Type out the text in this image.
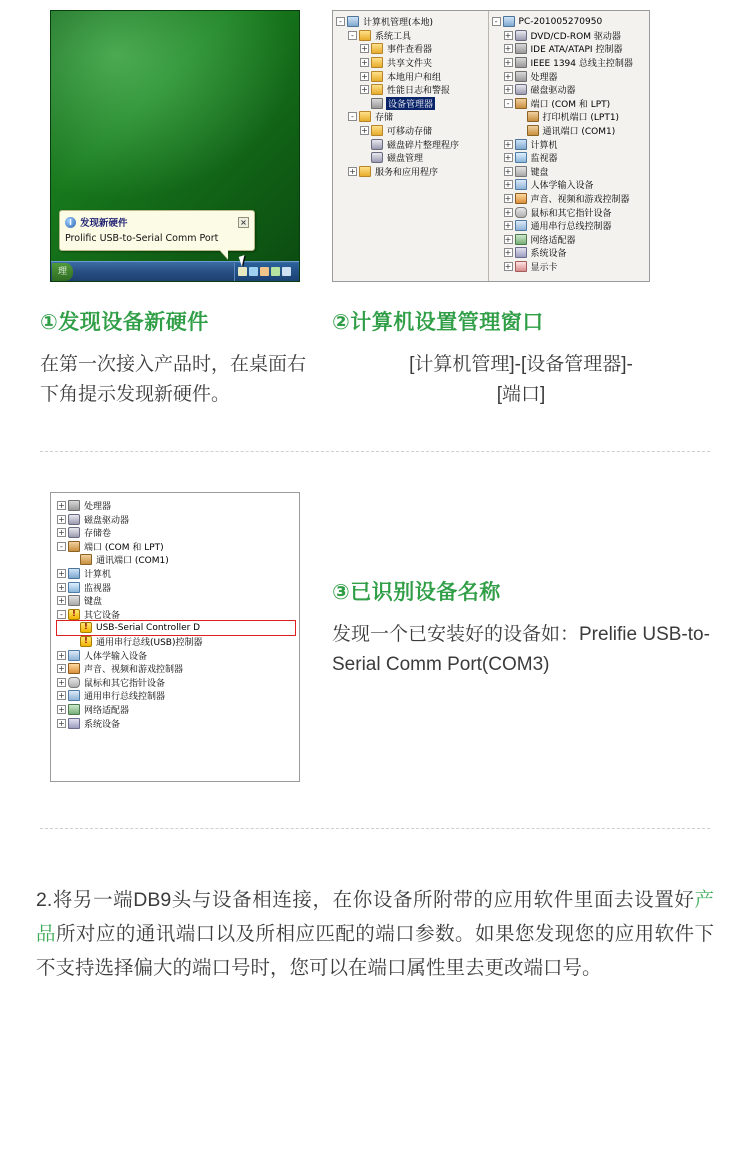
i 发现新硬件	×
Prolific USB-to-Serial Comm Port
理
-	计算机管理(本地)
-	系统工具
+ 事件查看器
+ 共享文件夹
+ 本地用户和组
+ 性能日志和警报
设备管理器
-	存储
+ 可移动存储
磁盘碎片整理程序
磁盘管理
+ 服务和应用程序
-	PC-201005270950
+ DVD/CD-ROM 驱动器
+ IDE ATA/ATAPI 控制器
+ IEEE 1394 总线主控制器
+ 处理器
+ 磁盘驱动器
-	端口 (COM 和 LPT)
打印机端口 (LPT1)
通讯端口 (COM1)
+ 计算机
+ 监视器
+ 键盘
+ 人体学输入设备
+ 声音、视频和游戏控制器
+ 鼠标和其它指针设备
+ 通用串行总线控制器
+ 网络适配器
+ 系统设备
+ 显示卡
①发现设备新硬件
在第一次接入产品时，在桌面右下角提示发现新硬件。
②计算机设置管理窗口
[计算机管理]-[设备管理器]-[端口]
+ 处理器
+ 磁盘驱动器
+ 存储卷
-	端口 (COM 和 LPT)
通讯端口 (COM1)
+ 计算机
+ 监视器
+ 键盘
- !	其它设备
!
USB-Serial Controller D
!
通用串行总线(USB)控制器
+ 人体学输入设备
+ 声音、视频和游戏控制器
+ 鼠标和其它指针设备
+ 通用串行总线控制器
+ 网络适配器
+ 系统设备
③已识别设备名称
发现一个已安装好的设备如：Prelifie USB-to-Serial Comm Port(COM3)
2.将另一端DB9头与设备相连接，在你设备所附带的应用软件里面去设置好产品所对应的通讯端口以及所相应匹配的端口参数。如果您发现您的应用软件下不支持选择偏大的端口号时，您可以在端口属性里去更改端口号。
